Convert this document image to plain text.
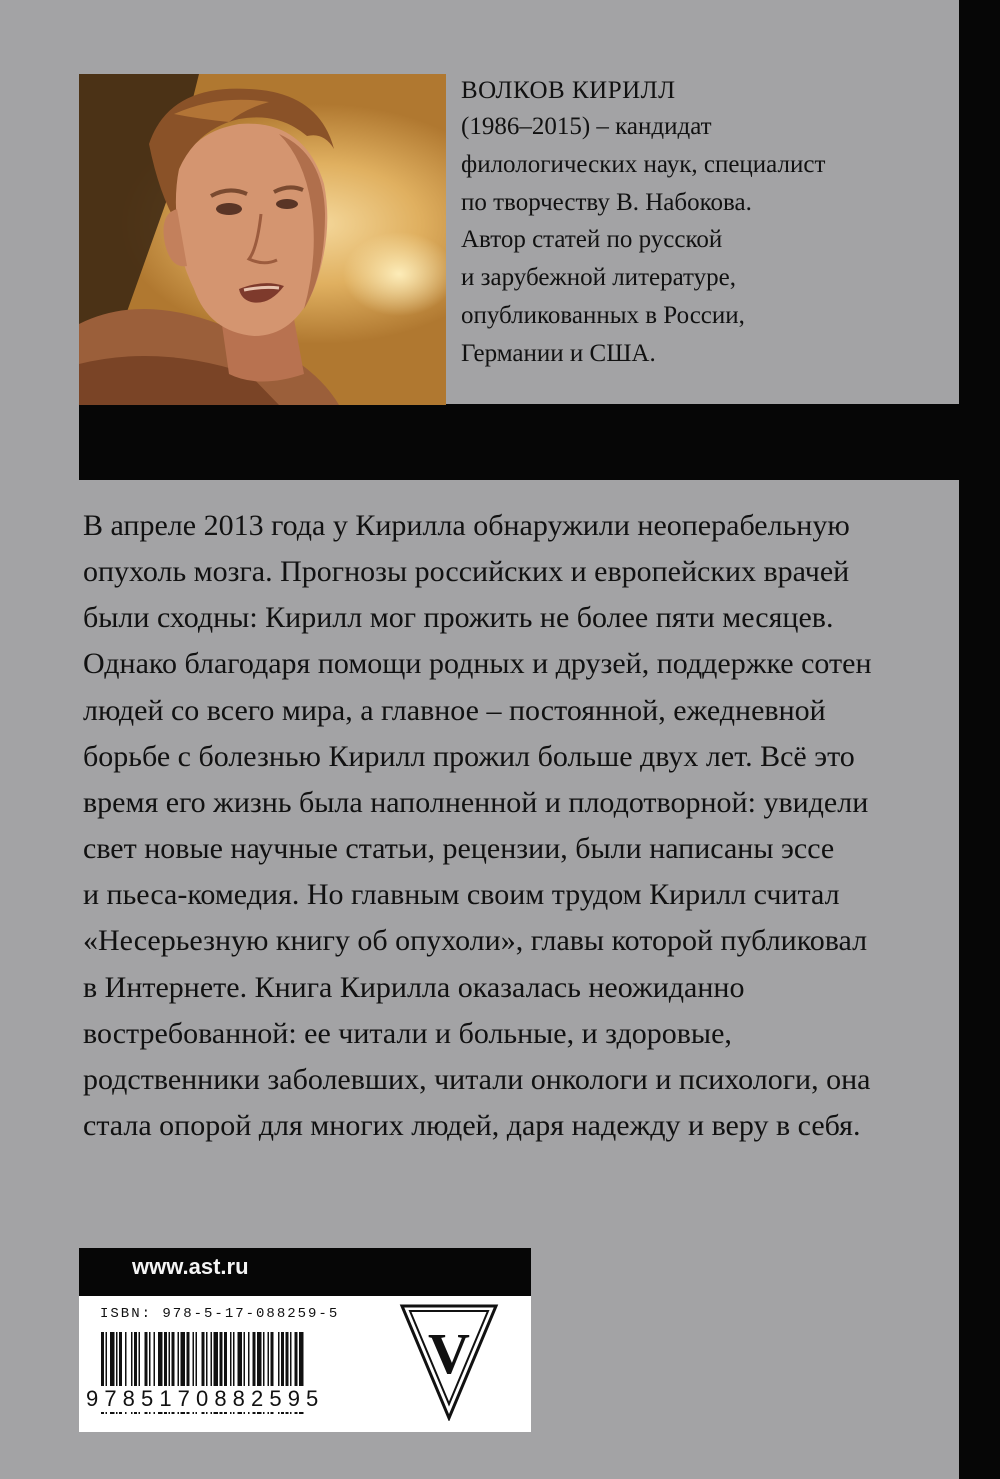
ВОЛКОВ КИРИЛЛ
(1986–2015) – кандидат
филологических наук, специалист
по творчеству В. Набокова.
Автор статей по русской
и зарубежной литературе,
опубликованных в России,
Германии и США.
В апреле 2013 года у Кирилла обнаружили неоперабельную
опухоль мозга. Прогнозы российских и европейских врачей
были сходны: Кирилл мог прожить не более пяти месяцев.
Однако благодаря помощи родных и друзей, поддержке сотен
людей со всего мира, а главное – постоянной, ежедневной
борьбе с болезнью Кирилл прожил больше двух лет. Всё это
время его жизнь была наполненной и плодотворной: увидели
свет новые научные статьи, рецензии, были написаны эссе
и пьеса-комедия. Но главным своим трудом Кирилл считал
«Несерьезную книгу об опухоли», главы которой публиковал
в Интернете. Книга Кирилла оказалась неожиданно
востребованной: ее читали и больные, и здоровые,
родственники заболевших, читали онкологи и психологи, она
стала опорой для многих людей, даря надежду и веру в себя.
www.ast.ru
ISBN: 978-5-17-088259-5
9785170882595
V
